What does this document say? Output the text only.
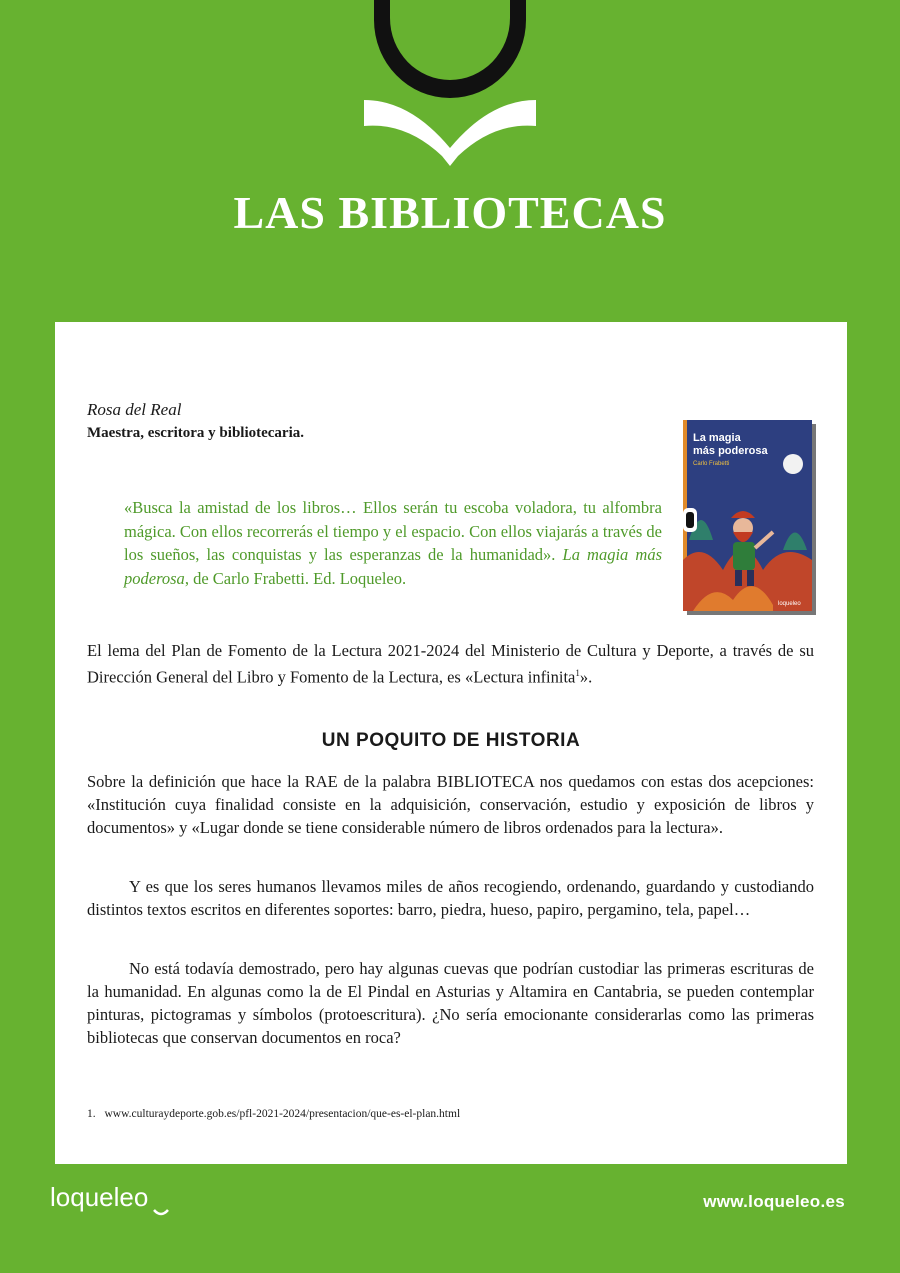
LAS BIBLIOTECAS
Rosa del Real
Maestra, escritora y bibliotecaria.

«Busca la amistad de los libros… Ellos serán tu escoba voladora, tu alfombra mágica. Con ellos recorrerás el tiempo y el espacio. Con ellos viajarás a través de los sueños, las conquistas y las esperanzas de la humanidad». La magia más poderosa, de Carlo Frabetti. Ed. Loqueleo.

La magia
más poderosa
Carlo Frabetti
loqueleo

El lema del Plan de Fomento de la Lectura 2021-2024 del Ministerio de Cultura y Deporte, a través de su Dirección General del Libro y Fomento de la Lectura, es «Lectura infinita$^1$».

UN POQUITO DE HISTORIA

Sobre la definición que hace la RAE de la palabra BIBLIOTECA nos quedamos con estas dos acepciones: «Institución cuya finalidad consiste en la adquisición, conservación, estudio y exposición de libros y documentos» y «Lugar donde se tiene considerable número de libros ordenados para la lectura».

Y es que los seres humanos llevamos miles de años recogiendo, ordenando, guardando y custodiando distintos textos escritos en diferentes soportes: barro, piedra, hueso, papiro, pergamino, tela, papel…

No está todavía demostrado, pero hay algunas cuevas que podrían custodiar las primeras escrituras de la humanidad. En algunas como la de El Pindal en Asturias y Altamira en Cantabria, se pueden contemplar pinturas, pictogramas y símbolos (protoescritura). ¿No sería emocionante considerarlas como las primeras bibliotecas que conservan documentos en roca?

1. www.culturaydeporte.gob.es/pfl-2021-2024/presentacion/que-es-el-plan.html
loqueleo	www.loqueleo.es
